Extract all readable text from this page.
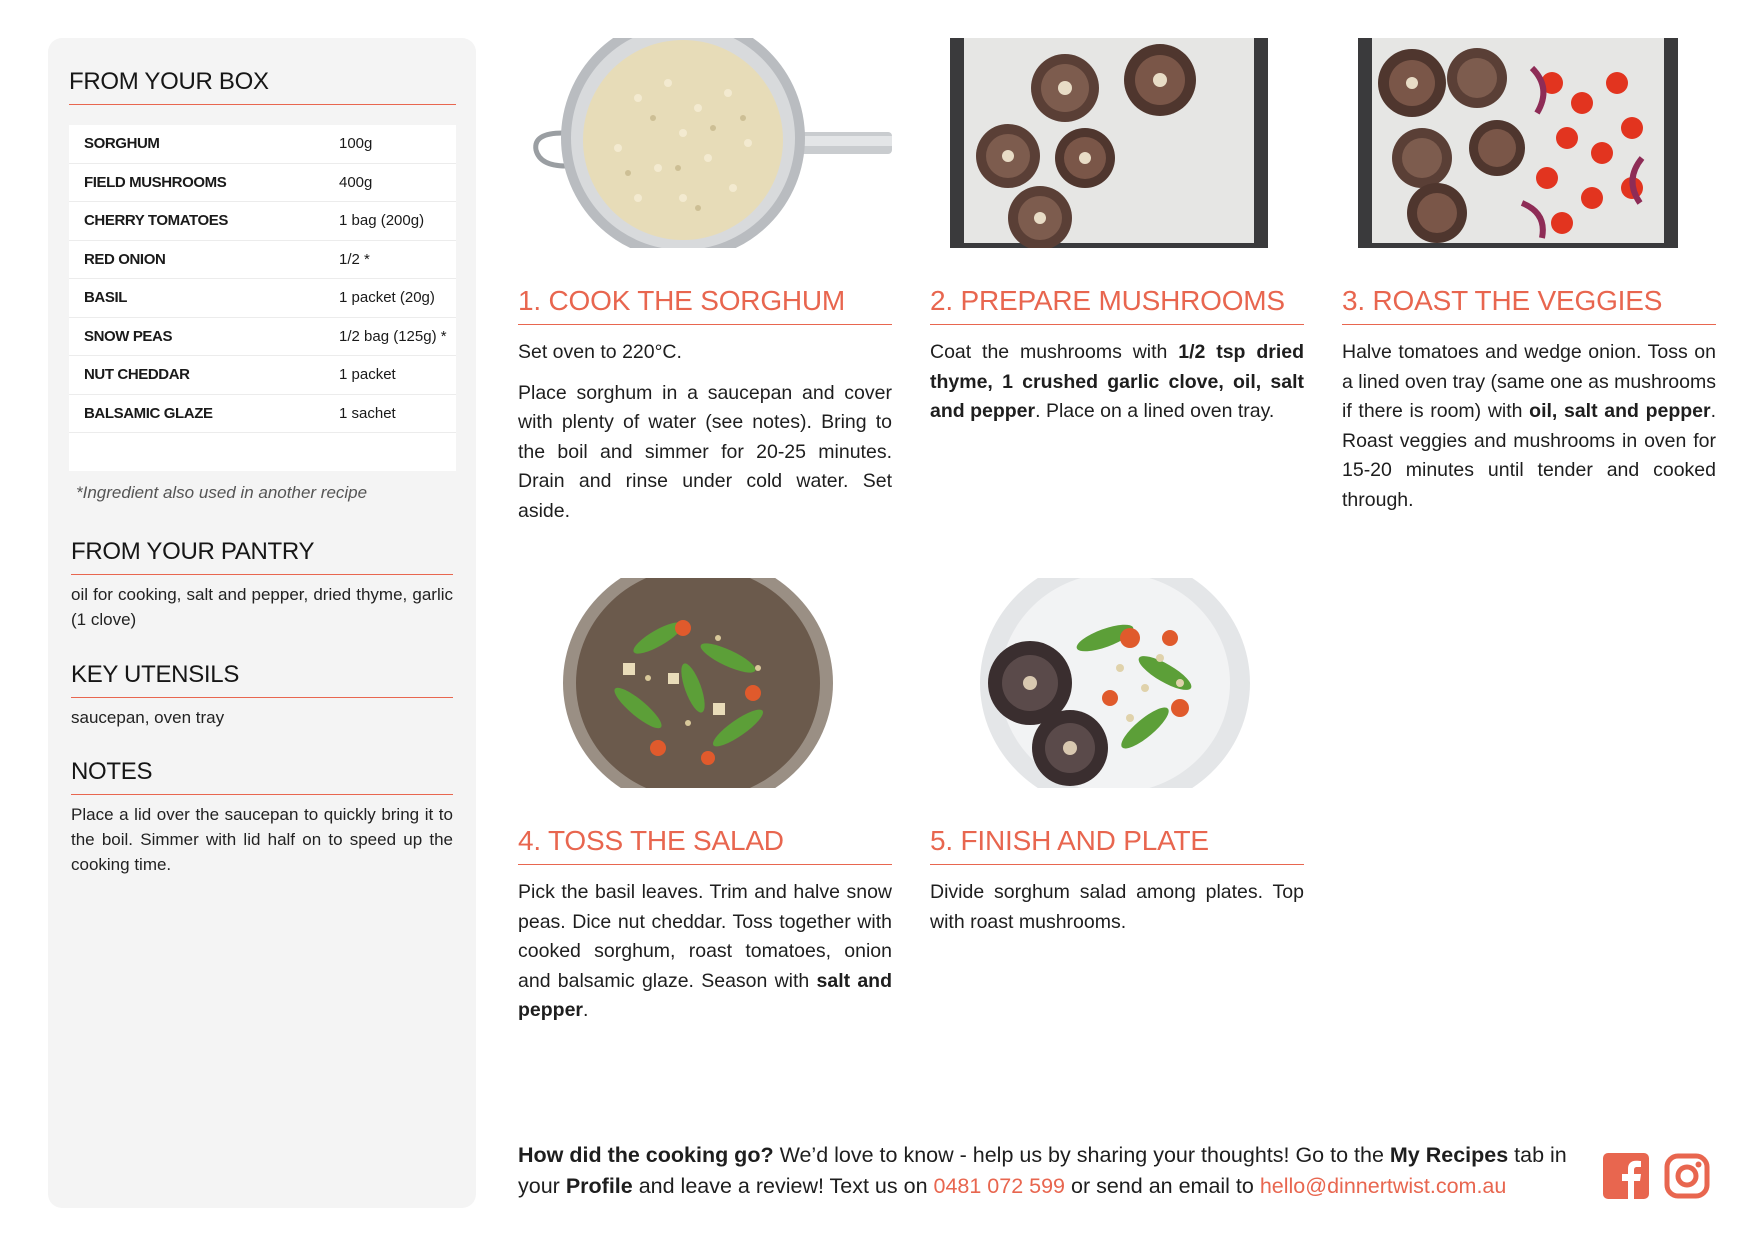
FROM YOUR BOX
SORGHUM	100g
FIELD MUSHROOMS	400g
CHERRY TOMATOES	1 bag (200g)
RED ONION	1/2 *
BASIL	1 packet (20g)
SNOW PEAS	1/2 bag (125g) *
NUT CHEDDAR	1 packet
BALSAMIC GLAZE	1 sachet
*Ingredient also used in another recipe
FROM YOUR PANTRY
oil for cooking, salt and pepper, dried thyme, garlic (1 clove)
KEY UTENSILS
saucepan, oven tray
NOTES
Place a lid over the saucepan to quickly bring it to the boil. Simmer with lid half on to speed up the cooking time.
1. COOK THE SORGHUM

Set oven to 220°C.

Place sorghum in a saucepan and cover with plenty of water (see notes). Bring to the boil and simmer for 20-25 minutes. Drain and rinse under cold water. Set aside.

2. PREPARE MUSHROOMS

Coat the mushrooms with 1/2 tsp dried thyme, 1 crushed garlic clove, oil, salt and pepper. Place on a lined oven tray.

3. ROAST THE VEGGIES

Halve tomatoes and wedge onion. Toss on a lined oven tray (same one as mushrooms if there is room) with oil, salt and pepper. Roast veggies and mushrooms in oven for 15-20 minutes until tender and cooked through.

4. TOSS THE SALAD

Pick the basil leaves. Trim and halve snow peas. Dice nut cheddar. Toss together with cooked sorghum, roast tomatoes, onion and balsamic glaze. Season with salt and pepper.

5. FINISH AND PLATE

Divide sorghum salad among plates. Top with roast mushrooms.

How did the cooking go? We’d love to know - help us by sharing your thoughts! Go to the My Recipes tab in your Profile and leave a review! Text us on 0481 072 599 or send an email to hello@dinnertwist.com.au
